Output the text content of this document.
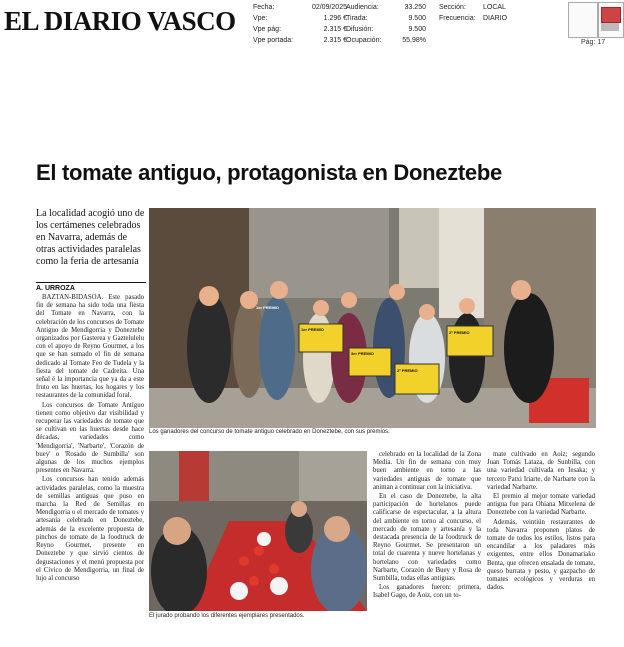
EL DIARIO VASCO Fecha:	02/09/2025
Vpe:	1.296 €
Vpe pág:	2.315 €
Vpe portada:	2.315 €
Audiencia:	33.250
Tirada:	9.500
Difusión:	9.500
Ocupación:	55,98%
Sección:	LOCAL
Frecuencia:	DIARIO
Pág: 17
El tomate antiguo, protagonista en Doneztebe
La localidad acogió uno de los certámenes celebrados en Navarra, además de otras actividades paralelas como la feria de artesanía
A. URROZA

BAZTAN-BIDASOA. Este pasado fin de semana ha sido toda una fiesta del Tomate en Navarra, con la celebración de los concursos de Tomate Antiguo de Mendigorria y Doneztebe organizados por Gastereа y Gaztelulelu con el apoyo de Reyno Gourmet, a los que se han sumado el fin de semana dedicado al Tomate Feo de Tudela y la fiesta del tomate de Cadreita. Una señal é la importancia que ya da a este fruto en las huertas, los hogares y los restaurantes de la comunidad foral.

Los concursos de Tomate Antiguo tienen como objetivo dar visibilidad y recuperar las variedades de tomate que se cultivan en las huertas desde hace décadas, variedades como 'Mendigorria', 'Narbarte', 'Corazón de buey' o 'Rosado de Sumbilla' son algunas de los muchos ejemplos presentes en Navarra.

Los concursos han tenido además actividades paralelas, como la muestra de semillas antiguas que puso en marcha la Red de Semillas en Mendigorria o el mercado de tomates y artesanía celebrado en Doneztebe, además de la excelente propuesta de pinchos de tomate de la foodtruck de Reyno Gourmet, presente en Doneztebe y que sirvió cientos de degustaciones y el menú propuesta por el Cívico de Mendigorria, un final de lujo al concurso

Los ganadores del concurso de tomate antiguo celebrado en Doneztebe, con sus premios.
El jurado probando los diferentes ejemplares presentados.

celebrado en la localidad de la Zona Media. Un fin de semana con muy buen ambiente en torno a las variedades antiguas de tomate que animan a continuar con la iniciativa.

En el caso de Doneztebe, la alta participación de hortelanos puede calificarse de espectacular, a la altura del ambiente en torno al concurso, el mercado de tomate y artesanía y la destacada presencia de la foodtruck de Reyno Gourmet. Se presentaron un total de cuarenta y nueve hortelanas y hortelano con variedades como Narbarte, Corazón de Buey y Rosa de Sumbilla, todas ellas antiguas.

Los ganadores fueron: primera, Isabel Gago, de Aoiz, con un to-

mate cultivado en Aoiz; segundo Juan Tomás Lataza, de Sunbilla, con una variedad cultivada en Iesaka; y tercero Patxi Iriarte, de Narbarte con la variedad Narbarte.

El premio al mejor tomate variedad antigua fue para Ohiana Mitxelena de Doneztebe con la variedad Narbarte.

Además, veintiún restaurantes de toda Navarra proponen platos de tomate de todos los estilos, listos para encandilar a los paladares más exigentes, entre ellos Donamariako Benta, que ofrecen ensalada de tomate, quesо burrata y pesto, y gazpacho de tomates ecológicos y verduras en dados.

1er PREMIO
3er PREMIO
2º PREMIO
2º PREMIO
1er PREMIO
